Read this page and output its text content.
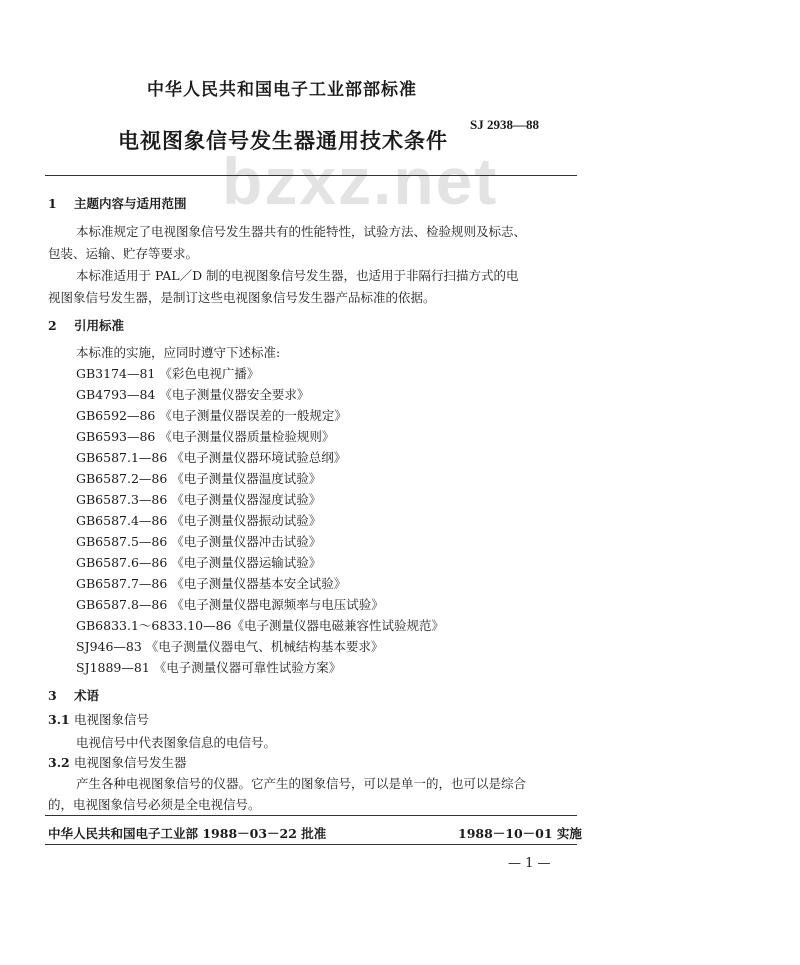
中华人民共和国电子工业部部标准
SJ 2938—88
电视图象信号发生器通用技术条件
bzxz.net
1 主题内容与适用范围
本标准规定了电视图象信号发生器共有的性能特性，试验方法、检验规则及标志、
包装、运输、贮存等要求。
本标准适用于 PAL／D 制的电视图象信号发生器，也适用于非隔行扫描方式的电
视图象信号发生器，是制订这些电视图象信号发生器产品标准的依据。
2 引用标准
本标准的实施，应同时遵守下述标准:
GB3174—81 《彩色电视广播》
GB4793—84 《电子测量仪器安全要求》
GB6592—86 《电子测量仪器误差的一般规定》
GB6593—86 《电子测量仪器质量检验规则》
GB6587.1—86 《电子测量仪器环境试验总纲》
GB6587.2—86 《电子测量仪器温度试验》
GB6587.3—86 《电子测量仪器湿度试验》
GB6587.4—86 《电子测量仪器振动试验》
GB6587.5—86 《电子测量仪器冲击试验》
GB6587.6—86 《电子测量仪器运输试验》
GB6587.7—86 《电子测量仪器基本安全试验》
GB6587.8—86 《电子测量仪器电源频率与电压试验》
GB6833.1～6833.10—86《电子测量仪器电磁兼容性试验规范》
SJ946—83 《电子测量仪器电气、机械结构基本要求》
SJ1889—81 《电子测量仪器可靠性试验方案》
3 术语
3.1 电视图象信号
电视信号中代表图象信息的电信号。
3.2 电视图象信号发生器
产生各种电视图象信号的仪器。它产生的图象信号，可以是单一的，也可以是综合
的，电视图象信号必须是全电视信号。
中华人民共和国电子工业部 1988－03－22 批准	1988－10－01 实施
— 1 —
